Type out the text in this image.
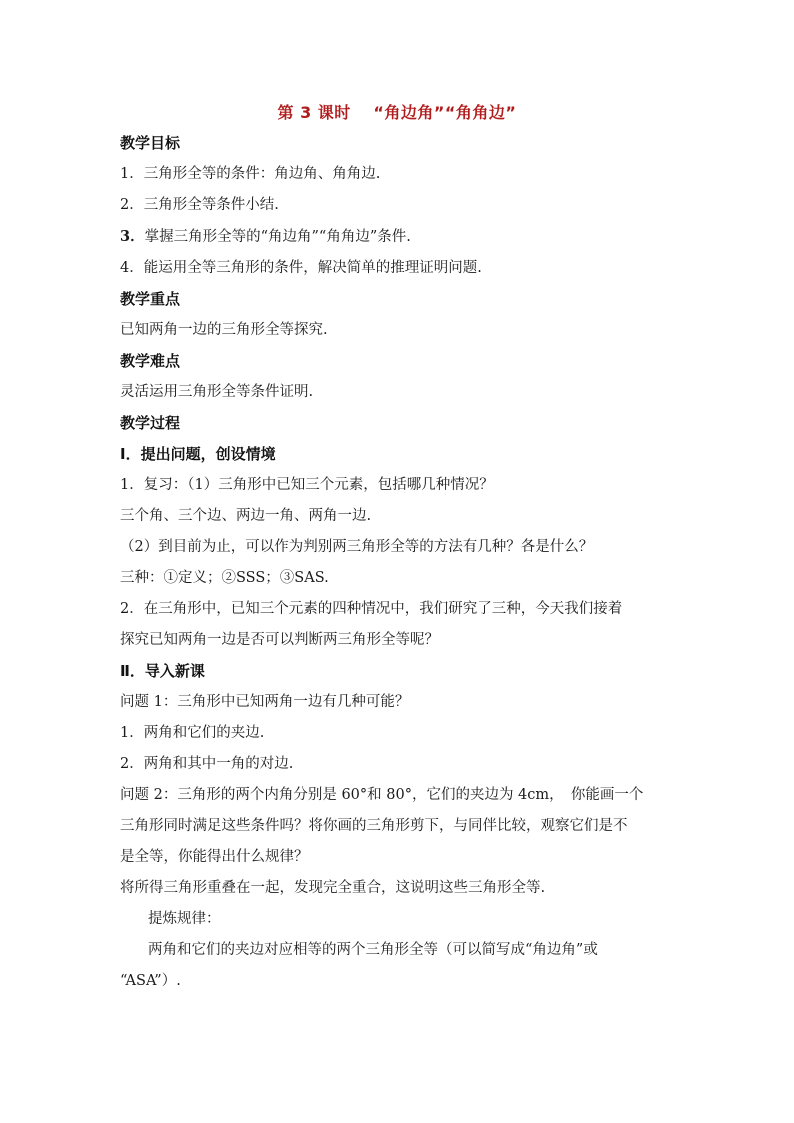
第 3 课时　 “角边角”“角角边”

教学目标

1．三角形全等的条件：角边角、角角边.

2．三角形全等条件小结.

3．掌握三角形全等的“角边角”“角角边”条件.

4．能运用全等三角形的条件，解决简单的推理证明问题.

教学重点

已知两角一边的三角形全等探究.

教学难点

灵活运用三角形全等条件证明.

教学过程

Ⅰ．提出问题，创设情境

1．复习：（1）三角形中已知三个元素，包括哪几种情况？

三个角、三个边、两边一角、两角一边.

（2）到目前为止，可以作为判别两三角形全等的方法有几种？各是什么？

三种：①定义；②SSS；③SAS.

2．在三角形中，已知三个元素的四种情况中，我们研究了三种，今天我们接着

探究已知两角一边是否可以判断两三角形全等呢？

Ⅱ．导入新课

问题 1：三角形中已知两角一边有几种可能？

1．两角和它们的夹边.

2．两角和其中一角的对边.

问题 2：三角形的两个内角分别是 60°和 80°，它们的夹边为 4cm，　你能画一个

三角形同时满足这些条件吗？将你画的三角形剪下，与同伴比较，观察它们是不

是全等，你能得出什么规律？

将所得三角形重叠在一起，发现完全重合，这说明这些三角形全等.

提炼规律：

两角和它们的夹边对应相等的两个三角形全等（可以简写成“角边角”或

“ASA”）.
